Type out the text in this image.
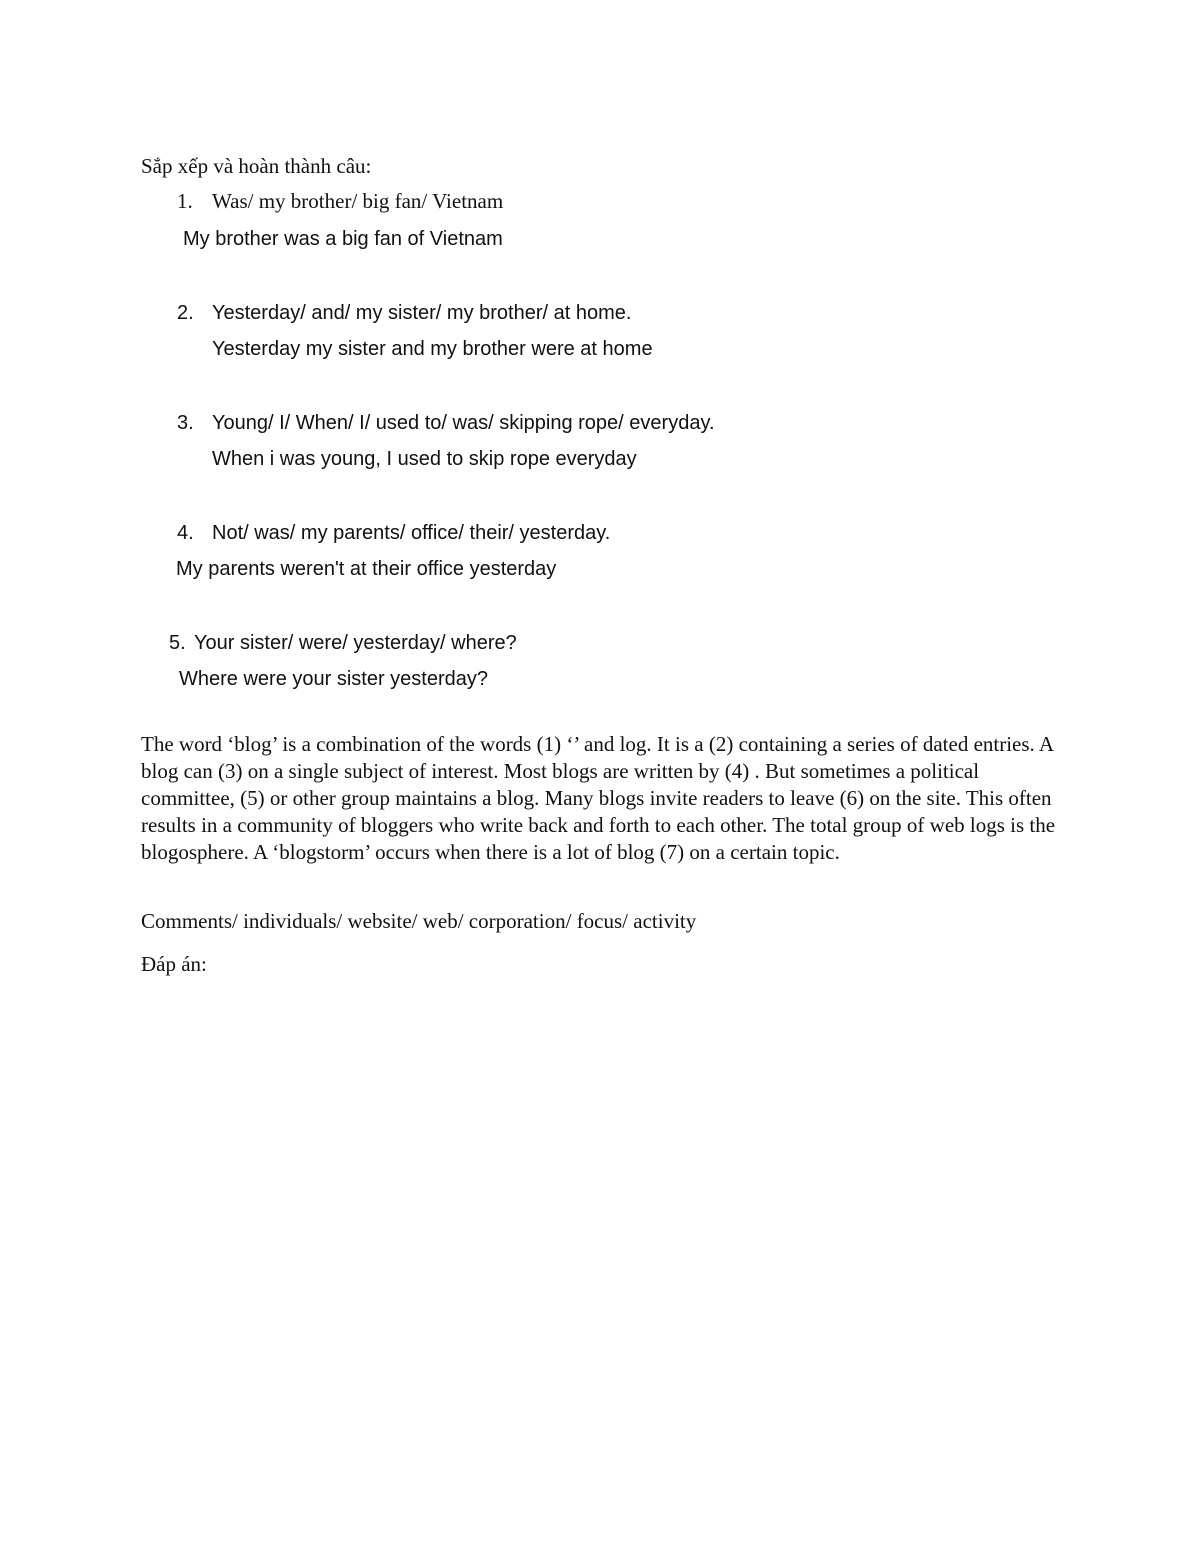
Sắp xếp và hoàn thành câu:
1. Was/ my brother/ big fan/ Vietnam
My brother was a big fan of Vietnam
2. Yesterday/ and/ my sister/ my brother/ at home.
Yesterday my sister and my brother were at home
3. Young/ I/ When/ I/ used to/ was/ skipping rope/ everyday.
When i was young, I used to skip rope everyday
4. Not/ was/ my parents/ office/ their/ yesterday.
My parents weren't at their office yesterday
5. Your sister/ were/ yesterday/ where?
Where were your sister yesterday?
The word ‘blog’ is a combination of the words (1) ‘’ and log. It is a (2) containing a series of dated entries. A blog can (3) on a single subject of interest. Most blogs are written by (4) . But sometimes a political committee, (5) or other group maintains a blog. Many blogs invite readers to leave (6) on the site. This often results in a community of bloggers who write back and forth to each other. The total group of web logs is the blogosphere. A ‘blogstorm’ occurs when there is a lot of blog (7) on a certain topic.
Comments/ individuals/ website/ web/ corporation/ focus/ activity
Đáp án:
